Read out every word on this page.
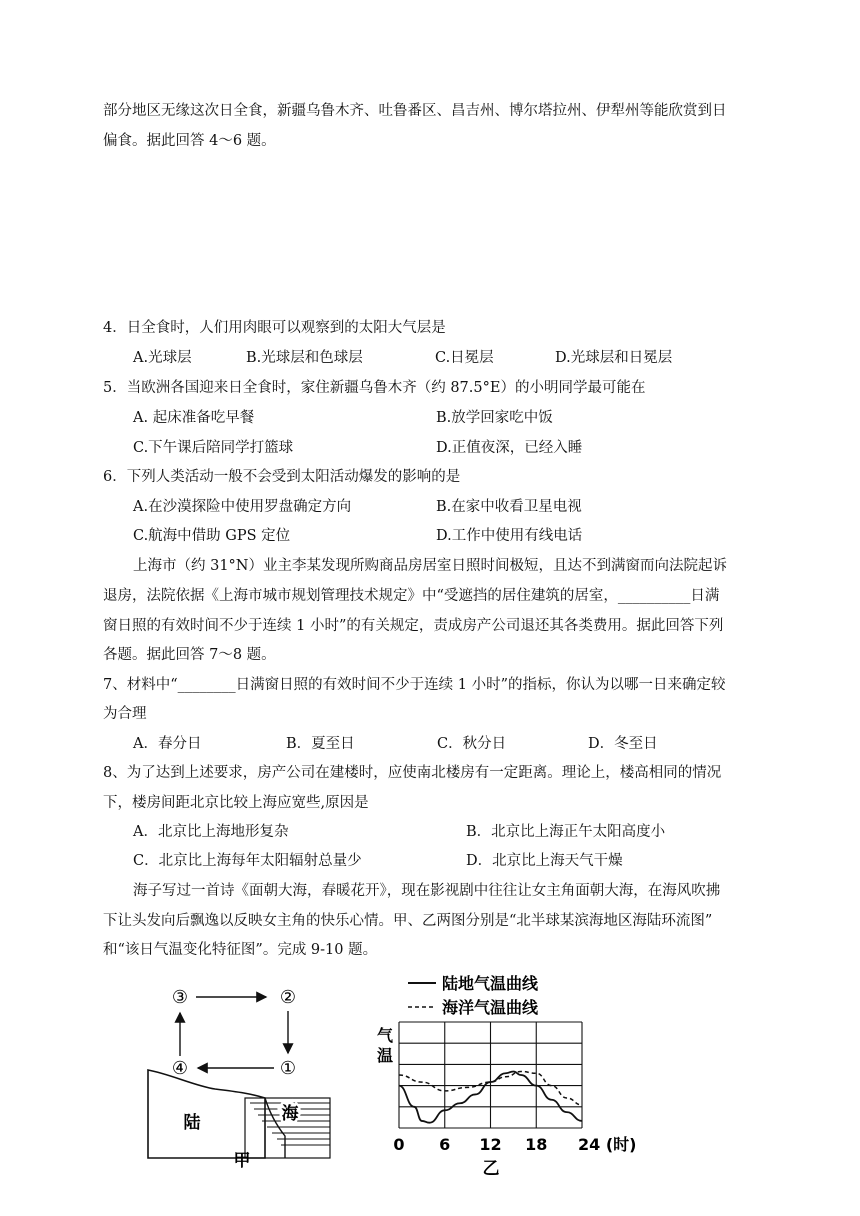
部分地区无缘这次日全食，新疆乌鲁木齐、吐鲁番区、昌吉州、博尔塔拉州、伊犁州等能欣赏到日
偏食。据此回答 4～6 题。
4．日全食时，人们用肉眼可以观察到的太阳大气层是
A.光球层	B.光球层和色球层	C.日冕层	D.光球层和日冕层
5．当欧洲各国迎来日全食时，家住新疆乌鲁木齐（约 87.5°E）的小明同学最可能在
A. 起床准备吃早餐	B.放学回家吃中饭
C.下午课后陪同学打篮球	D.正值夜深，已经入睡
6．下列人类活动一般不会受到太阳活动爆发的影响的是
A.在沙漠探险中使用罗盘确定方向	B.在家中收看卫星电视
C.航海中借助 GPS 定位	D.工作中使用有线电话
上海市（约 31°N）业主李某发现所购商品房居室日照时间极短，且达不到满窗而向法院起诉
退房，法院依据《上海市城市规划管理技术规定》中“受遮挡的居住建筑的居室，__________日满
窗日照的有效时间不少于连续 1 小时”的有关规定，责成房产公司退还其各类费用。据此回答下列
各题。据此回答 7～8 题。
7、材料中“________日满窗日照的有效时间不少于连续 1 小时”的指标，你认为以哪一日来确定较
为合理
A．春分日	B．夏至日	C．秋分日	D．冬至日
8、为了达到上述要求，房产公司在建楼时，应使南北楼房有一定距离。理论上，楼高相同的情况
下，楼房间距北京比较上海应宽些,原因是
A．北京比上海地形复杂	B．北京比上海正午太阳高度小
C．北京比上海每年太阳辐射总量少	D．北京比上海天气干燥
海子写过一首诗《面朝大海，春暖花开》，现在影视剧中往往让女主角面朝大海，在海风吹拂
下让头发向后飘逸以反映女主角的快乐心情。甲、乙两图分别是“北半球某滨海地区海陆环流图”
和“该日气温变化特征图”。完成 9-10 题。
③	②
①
④
陆	海
甲
陆地气温曲线
海洋气温曲线
气
温
0 6 12 18 24 (时)
乙
